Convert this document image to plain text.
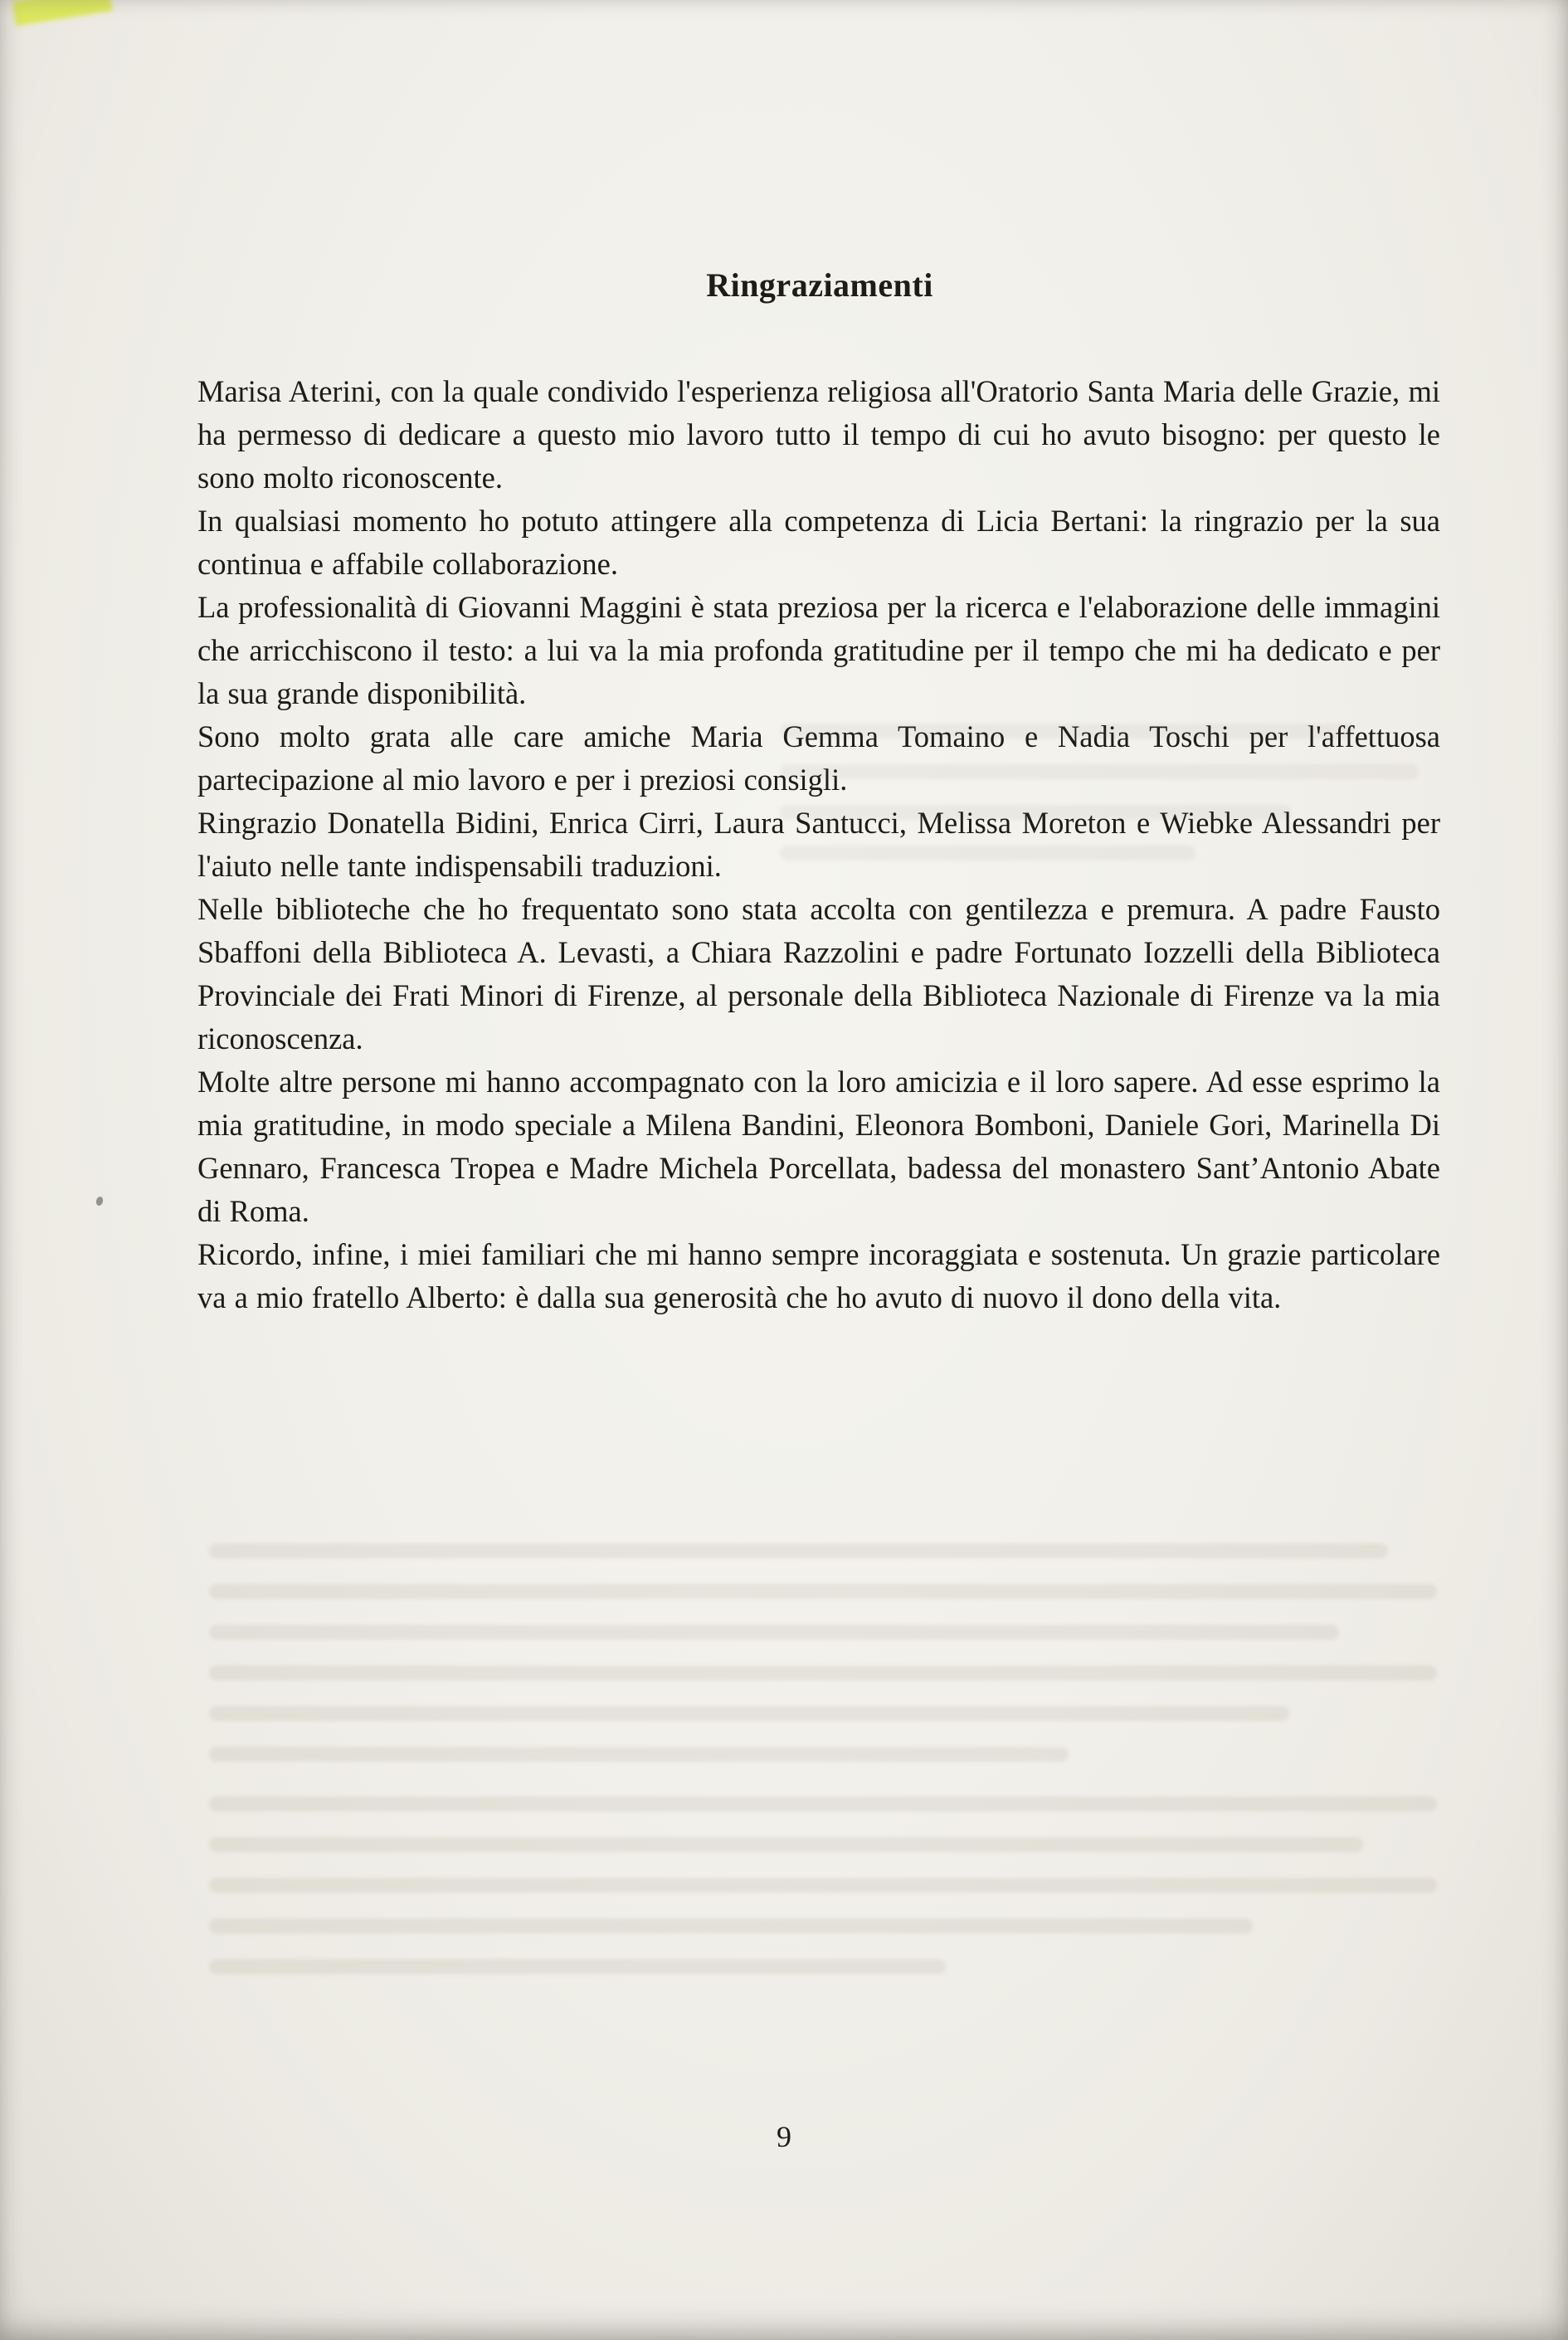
Ringraziamenti

Marisa Aterini, con la quale condivido l'esperienza religiosa all'Oratorio Santa Maria delle Grazie, mi ha permesso di dedicare a questo mio lavoro tutto il tempo di cui ho avuto bisogno: per questo le sono molto riconoscente.

In qualsiasi momento ho potuto attingere alla competenza di Licia Bertani: la ringrazio per la sua continua e affabile collaborazione.

La professionalità di Giovanni Maggini è stata preziosa per la ricerca e l'elaborazione delle immagini che arricchiscono il testo: a lui va la mia profonda gratitudine per il tempo che mi ha dedicato e per la sua grande disponibilità.

Sono molto grata alle care amiche Maria Gemma Tomaino e Nadia Toschi per l'affettuosa partecipazione al mio lavoro e per i preziosi consigli.

Ringrazio Donatella Bidini, Enrica Cirri, Laura Santucci, Melissa Moreton e Wiebke Alessandri per l'aiuto nelle tante indispensabili traduzioni.

Nelle biblioteche che ho frequentato sono stata accolta con gentilezza e premura. A padre Fausto Sbaffoni della Biblioteca A. Levasti, a Chiara Razzolini e padre Fortunato Iozzelli della Biblioteca Provinciale dei Frati Minori di Firenze, al personale della Biblioteca Nazionale di Firenze va la mia riconoscenza.

Molte altre persone mi hanno accompagnato con la loro amicizia e il loro sapere. Ad esse esprimo la mia gratitudine, in modo speciale a Milena Bandini, Eleonora Bomboni, Daniele Gori, Marinella Di Gennaro, Francesca Tropea e Madre Michela Porcellata, badessa del monastero Sant’Antonio Abate di Roma.

Ricordo, infine, i miei familiari che mi hanno sempre incoraggiata e sostenuta. Un grazie particolare va a mio fratello Alberto: è dalla sua generosità che ho avuto di nuovo il dono della vita.

9
